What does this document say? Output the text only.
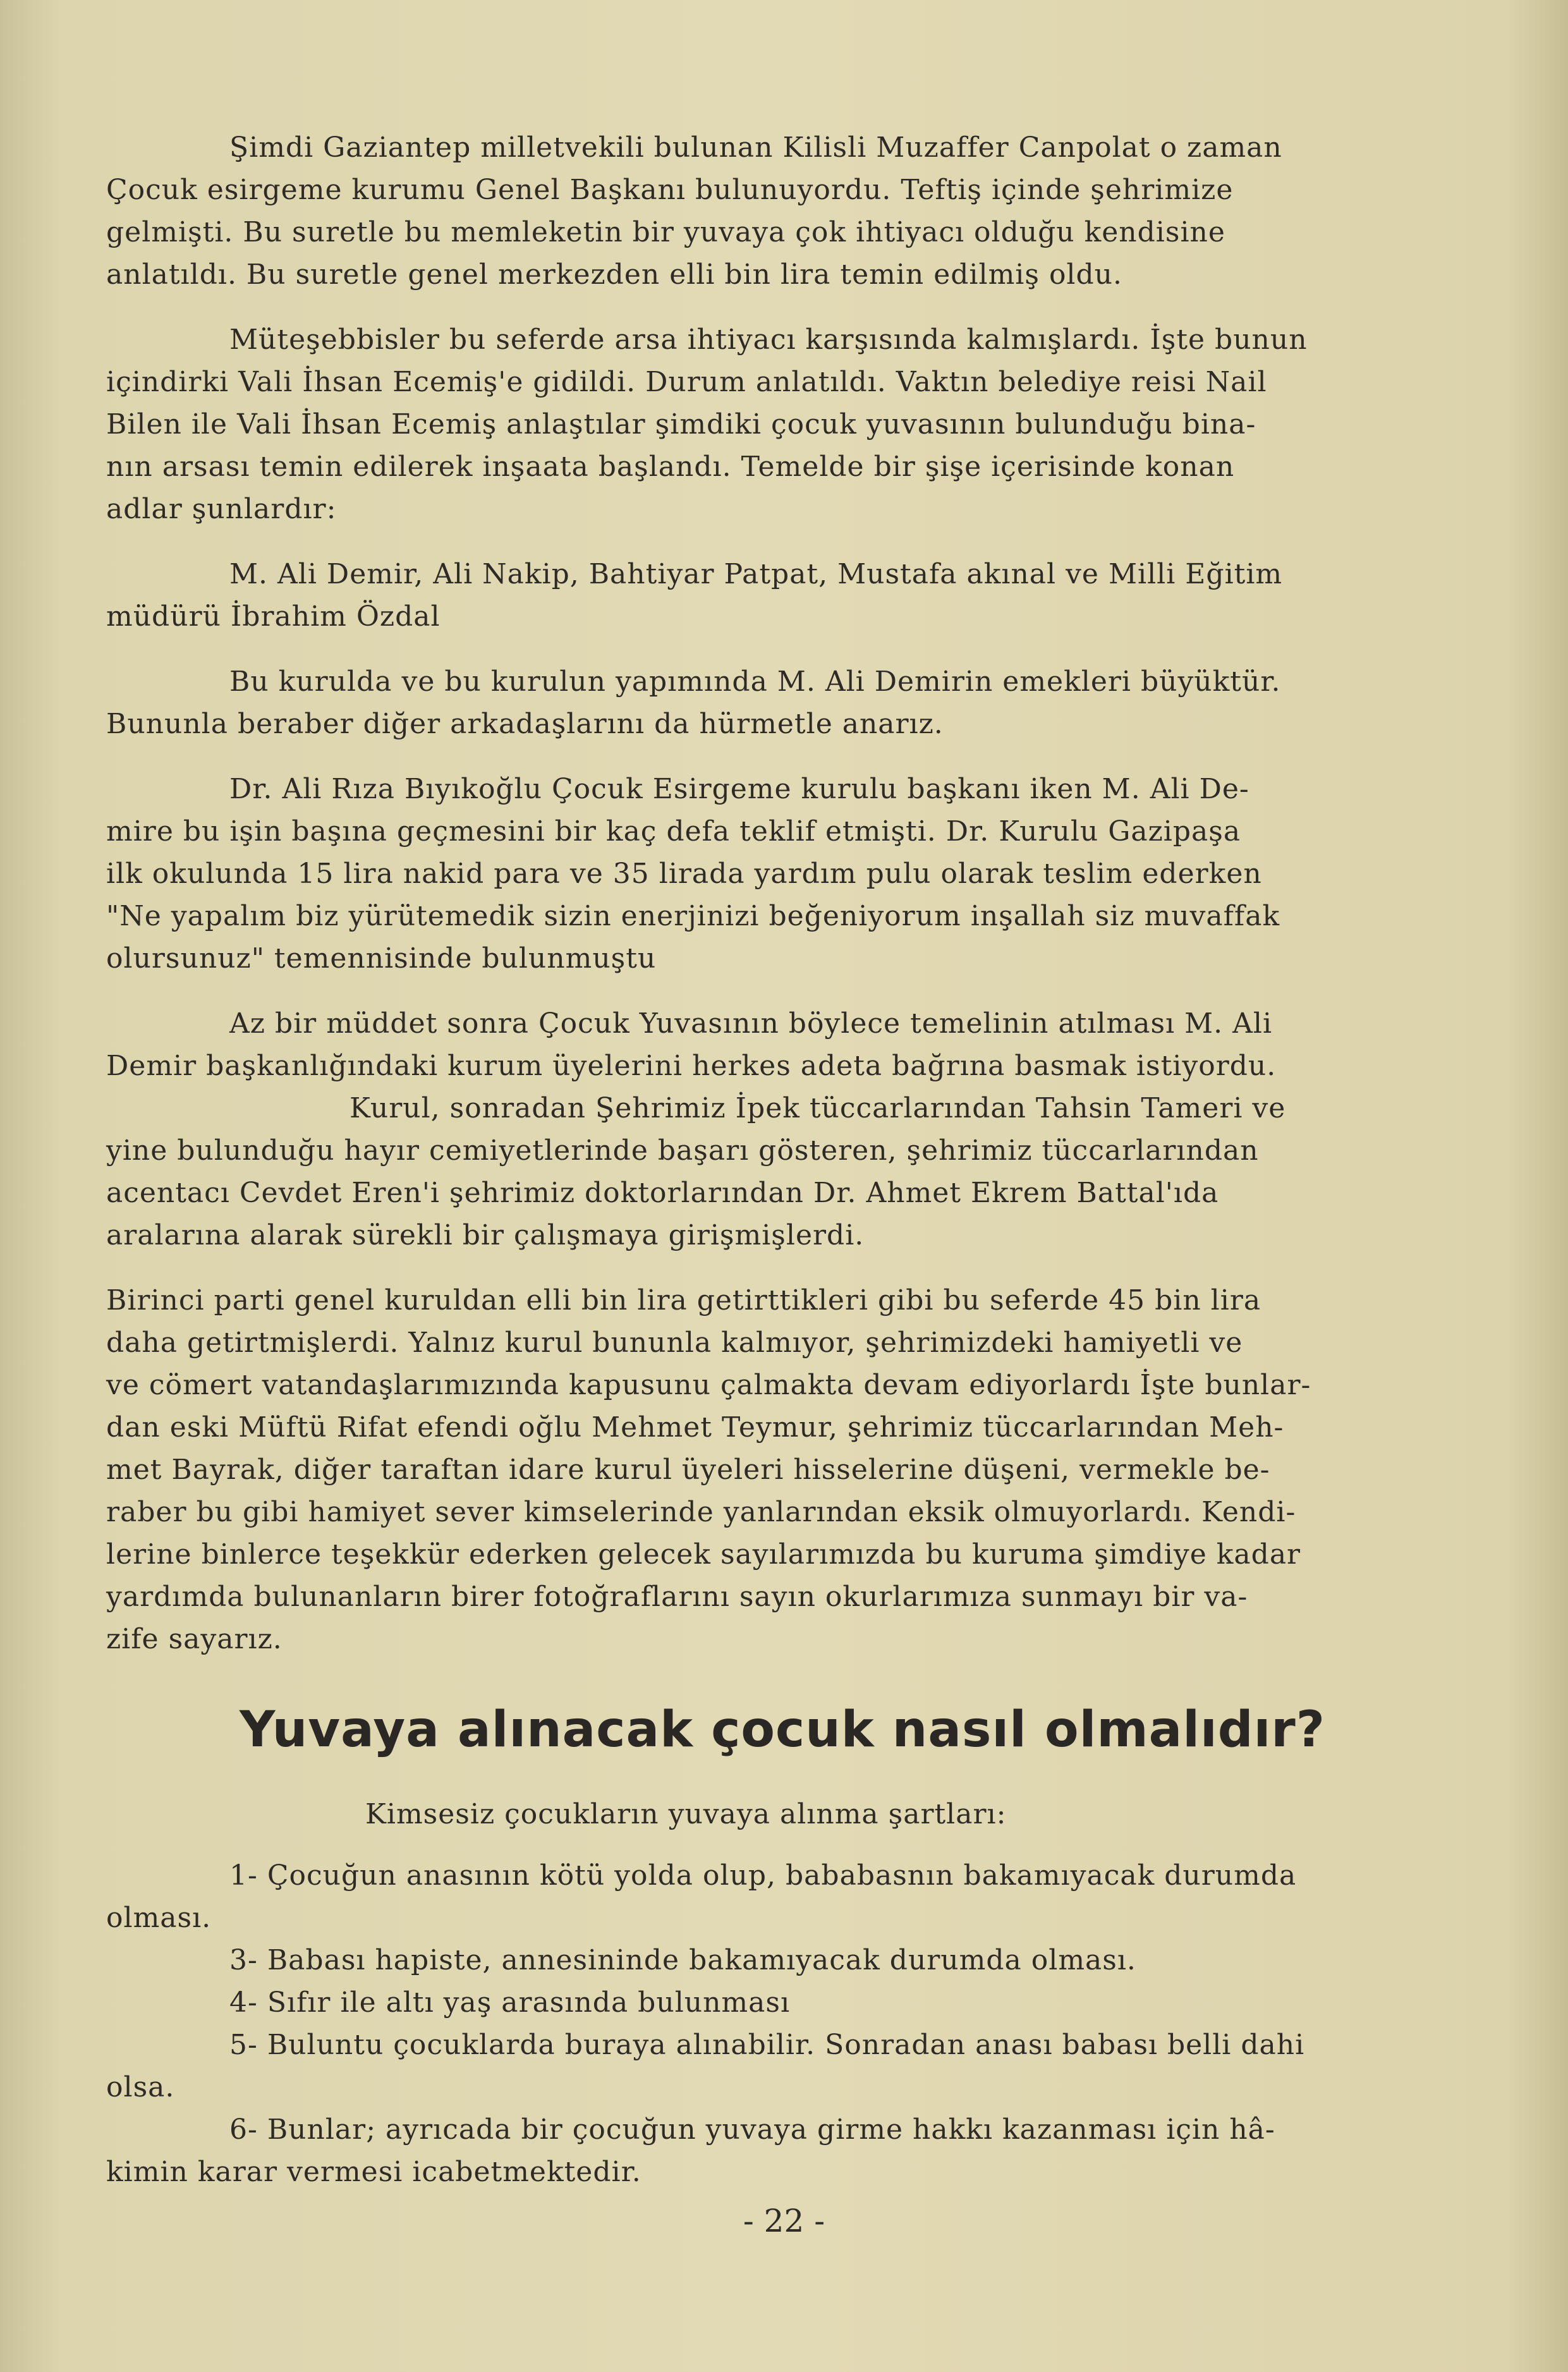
Şimdi Gaziantep milletvekili bulunan Kilisli Muzaffer Canpolat o zaman
Çocuk esirgeme kurumu Genel Başkanı bulunuyordu. Teftiş içinde şehrimize
gelmişti. Bu suretle bu memleketin bir yuvaya çok ihtiyacı olduğu kendisine
anlatıldı. Bu suretle genel merkezden elli bin lira temin edilmiş oldu.
Müteşebbisler bu seferde arsa ihtiyacı karşısında kalmışlardı. İşte bunun
içindirki Vali İhsan Ecemiş'e gidildi. Durum anlatıldı. Vaktın belediye reisi Nail
Bilen ile Vali İhsan Ecemiş anlaştılar şimdiki çocuk yuvasının bulunduğu bina-
nın arsası temin edilerek inşaata başlandı. Temelde bir şişe içerisinde konan
adlar şunlardır:
M. Ali Demir, Ali Nakip, Bahtiyar Patpat, Mustafa akınal ve Milli Eğitim
müdürü İbrahim Özdal
Bu kurulda ve bu kurulun yapımında M. Ali Demirin emekleri büyüktür.
Bununla beraber diğer arkadaşlarını da hürmetle anarız.
Dr. Ali Rıza Bıyıkoğlu Çocuk Esirgeme kurulu başkanı iken M. Ali De-
mire bu işin başına geçmesini bir kaç defa teklif etmişti. Dr. Kurulu Gazipaşa
ilk okulunda 15 lira nakid para ve 35 lirada yardım pulu olarak teslim ederken
"Ne yapalım biz yürütemedik sizin enerjinizi beğeniyorum inşallah siz muvaffak
olursunuz" temennisinde bulunmuştu
Az bir müddet sonra Çocuk Yuvasının böylece temelinin atılması M. Ali
Demir başkanlığındaki kurum üyelerini herkes adeta bağrına basmak istiyordu.
Kurul, sonradan Şehrimiz İpek tüccarlarından Tahsin Tameri ve
yine bulunduğu hayır cemiyetlerinde başarı gösteren, şehrimiz tüccarlarından
acentacı Cevdet Eren'i şehrimiz doktorlarından Dr. Ahmet Ekrem Battal'ıda
aralarına alarak sürekli bir çalışmaya girişmişlerdi.
Birinci parti genel kuruldan elli bin lira getirttikleri gibi bu seferde 45 bin lira
daha getirtmişlerdi. Yalnız kurul bununla kalmıyor, şehrimizdeki hamiyetli ve
ve cömert vatandaşlarımızında kapusunu çalmakta devam ediyorlardı İşte bunlar-
dan eski Müftü Rifat efendi oğlu Mehmet Teymur, şehrimiz tüccarlarından Meh-
met Bayrak, diğer taraftan idare kurul üyeleri hisselerine düşeni, vermekle be-
raber bu gibi hamiyet sever kimselerinde yanlarından eksik olmuyorlardı. Kendi-
lerine binlerce teşekkür ederken gelecek sayılarımızda bu kuruma şimdiye kadar
yardımda bulunanların birer fotoğraflarını sayın okurlarımıza sunmayı bir va-
zife sayarız.
Yuvaya alınacak çocuk nasıl olmalıdır?
Kimsesiz çocukların yuvaya alınma şartları:
1- Çocuğun anasının kötü yolda olup, bababasnın bakamıyacak durumda
olması.
3- Babası hapiste, annesininde bakamıyacak durumda olması.
4- Sıfır ile altı yaş arasında bulunması
5- Buluntu çocuklarda buraya alınabilir. Sonradan anası babası belli dahi
olsa.
6- Bunlar; ayrıcada bir çocuğun yuvaya girme hakkı kazanması için hâ-
kimin karar vermesi icabetmektedir.
- 22 -
